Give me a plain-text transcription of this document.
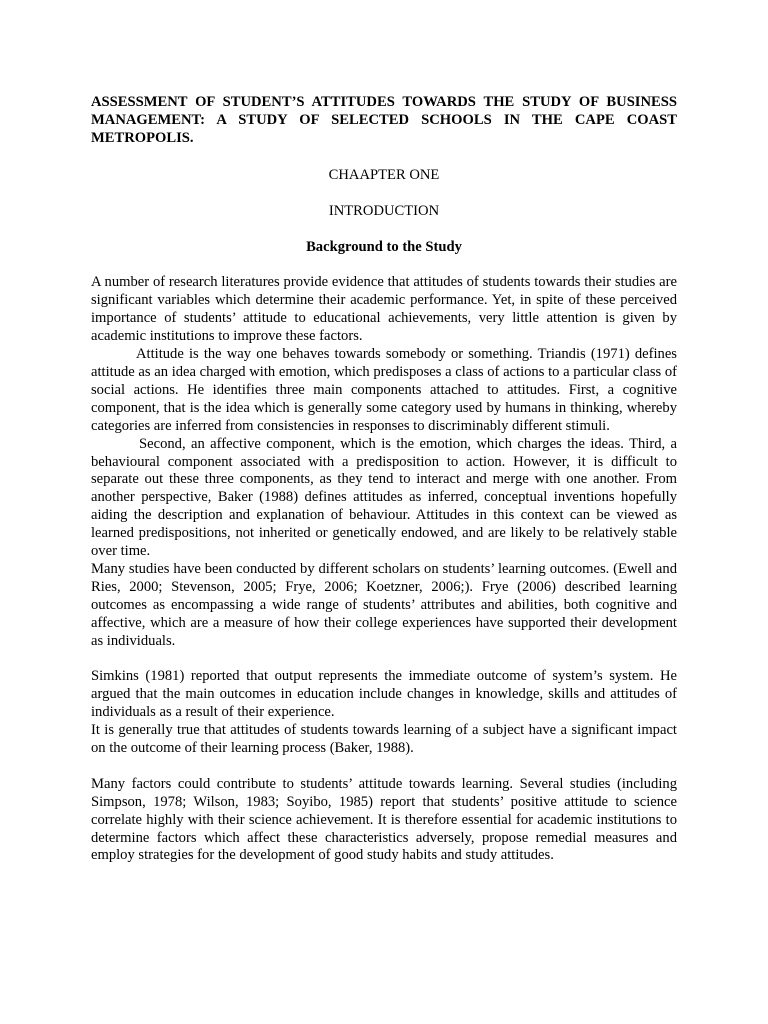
ASSESSMENT OF STUDENT’S ATTITUDES TOWARDS THE STUDY OF BUSINESS MANAGEMENT: A STUDY OF SELECTED SCHOOLS IN THE CAPE COAST METROPOLIS.

CHAAPTER ONE

INTRODUCTION

Background to the Study

A number of research literatures provide evidence that attitudes of students towards their studies are significant variables which determine their academic performance. Yet, in spite of these perceived importance of students’ attitude to educational achievements, very little attention is given by academic institutions to improve these factors.

Attitude is the way one behaves towards somebody or something. Triandis (1971) defines attitude as an idea charged with emotion, which predisposes a class of actions to a particular class of social actions. He identifies three main components attached to attitudes. First, a cognitive component, that is the idea which is generally some category used by humans in thinking, whereby categories are inferred from consistencies in responses to discriminably different stimuli.

Second, an affective component, which is the emotion, which charges the ideas. Third, a behavioural component associated with a predisposition to action. However, it is difficult to separate out these three components, as they tend to interact and merge with one another. From another perspective, Baker (1988) defines attitudes as inferred, conceptual inventions hopefully aiding the description and explanation of behaviour. Attitudes in this context can be viewed as learned predispositions, not inherited or genetically endowed, and are likely to be relatively stable over time.

Many studies have been conducted by different scholars on students’ learning outcomes. (Ewell and Ries, 2000; Stevenson, 2005; Frye, 2006; Koetzner, 2006;). Frye (2006) described learning outcomes as encompassing a wide range of students’ attributes and abilities, both cognitive and affective, which are a measure of how their college experiences have supported their development as individuals.

Simkins (1981) reported that output represents the immediate outcome of system’s system. He argued that the main outcomes in education include changes in knowledge, skills and attitudes of individuals as a result of their experience.

It is generally true that attitudes of students towards learning of a subject have a significant impact on the outcome of their learning process (Baker, 1988).

Many factors could contribute to students’ attitude towards learning. Several studies (including Simpson, 1978; Wilson, 1983; Soyibo, 1985) report that students’ positive attitude to science correlate highly with their science achievement. It is therefore essential for academic institutions to determine factors which affect these characteristics adversely, propose remedial measures and employ strategies for the development of good study habits and study attitudes.
